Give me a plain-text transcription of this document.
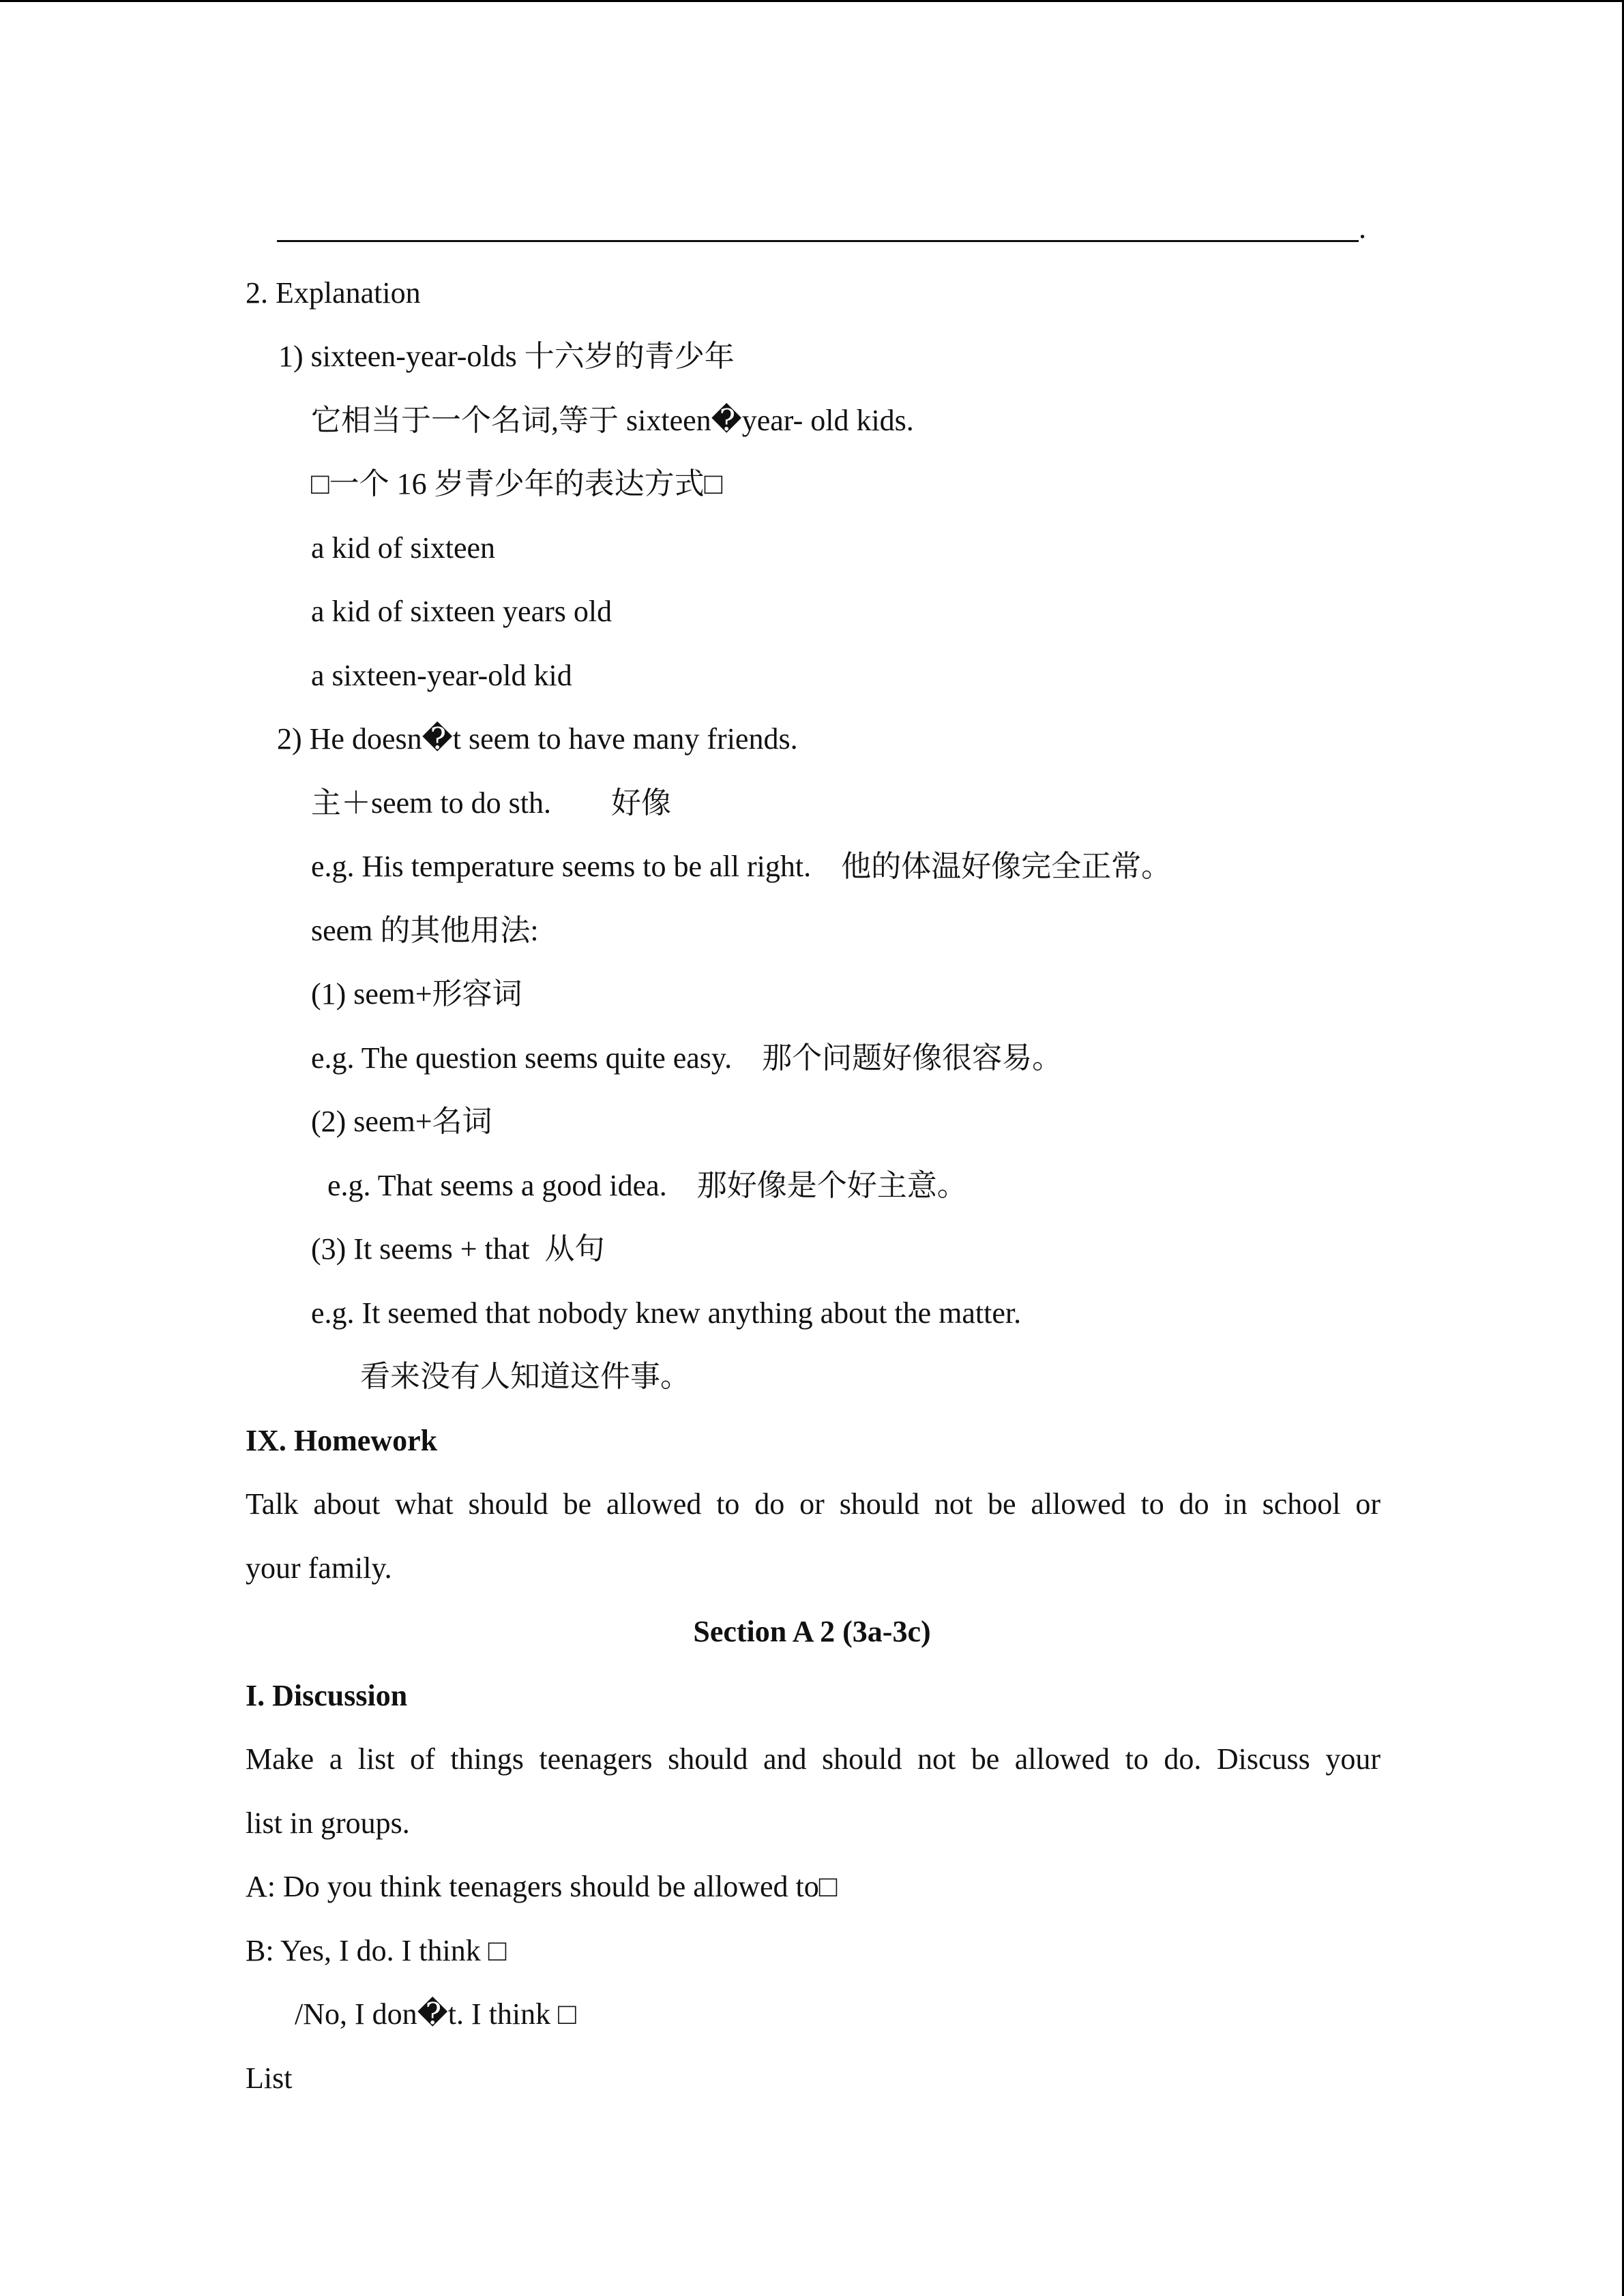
.
2. Explanation
1) sixteen-year-olds 十六岁的青少年
它相当于一个名词,等于 sixteen�year- old kids.
□一个 16 岁青少年的表达方式□
a kid of sixteen
a kid of sixteen years old
a sixteen-year-old kid
2) He doesn�t seem to have many friends.
主＋seem to do sth.        好像
e.g. His temperature seems to be all right.    他的体温好像完全正常。
seem 的其他用法:
(1) seem+形容词
e.g. The question seems quite easy.    那个问题好像很容易。
(2) seem+名词
e.g. That seems a good idea.    那好像是个好主意。
(3) It seems + that  从句
e.g. It seemed that nobody knew anything about the matter.
看来没有人知道这件事。
IX. Homework
Talk about what should be allowed to do or should not be allowed to do in school or
your family.
Section A 2 (3a-3c)
I. Discussion
Make a list of things teenagers should and should not be allowed to do. Discuss your
list in groups.
A: Do you think teenagers should be allowed to□
B: Yes, I do. I think □
/No, I don�t. I think □
List
